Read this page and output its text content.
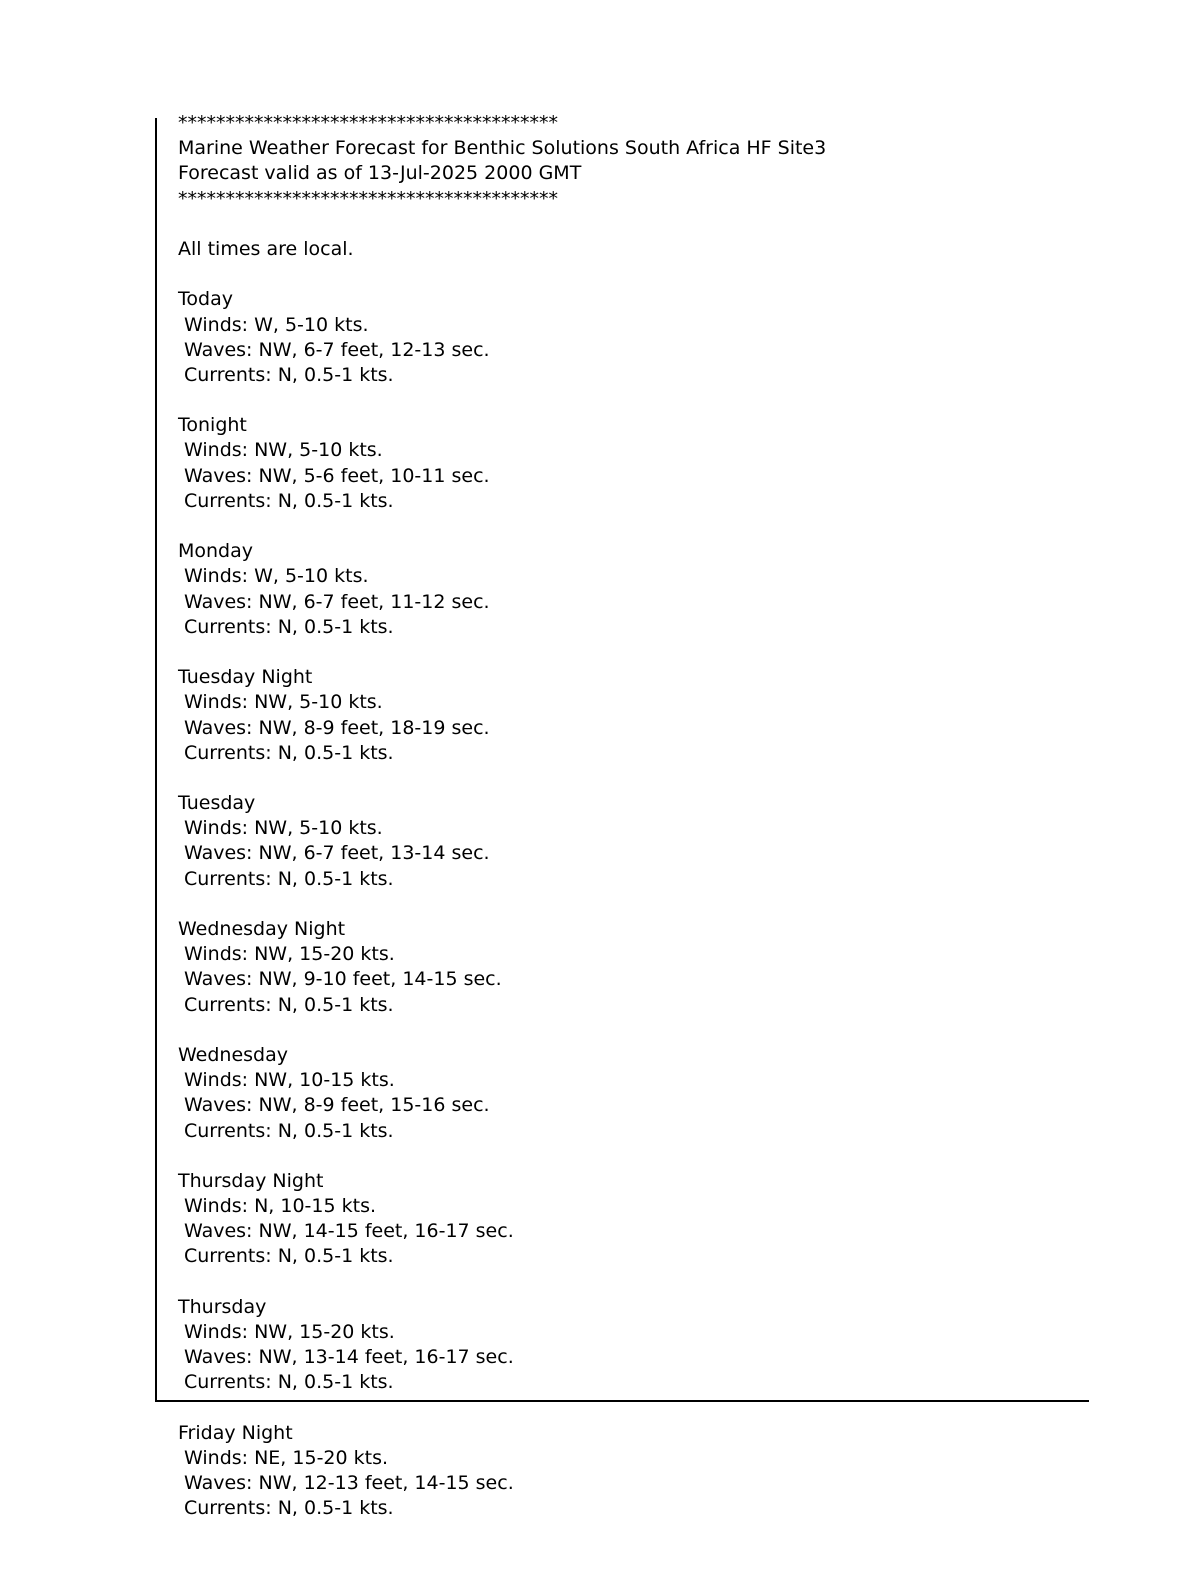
****************************************
Marine Weather Forecast for Benthic Solutions South Africa HF Site3
Forecast valid as of 13-Jul-2025 2000 GMT
****************************************
All times are local.
Today
Winds: W, 5-10 kts.
Waves: NW, 6-7 feet, 12-13 sec.
Currents: N, 0.5-1 kts.
Tonight
Winds: NW, 5-10 kts.
Waves: NW, 5-6 feet, 10-11 sec.
Currents: N, 0.5-1 kts.
Monday
Winds: W, 5-10 kts.
Waves: NW, 6-7 feet, 11-12 sec.
Currents: N, 0.5-1 kts.
Tuesday Night
Winds: NW, 5-10 kts.
Waves: NW, 8-9 feet, 18-19 sec.
Currents: N, 0.5-1 kts.
Tuesday
Winds: NW, 5-10 kts.
Waves: NW, 6-7 feet, 13-14 sec.
Currents: N, 0.5-1 kts.
Wednesday Night
Winds: NW, 15-20 kts.
Waves: NW, 9-10 feet, 14-15 sec.
Currents: N, 0.5-1 kts.
Wednesday
Winds: NW, 10-15 kts.
Waves: NW, 8-9 feet, 15-16 sec.
Currents: N, 0.5-1 kts.
Thursday Night
Winds: N, 10-15 kts.
Waves: NW, 14-15 feet, 16-17 sec.
Currents: N, 0.5-1 kts.
Thursday
Winds: NW, 15-20 kts.
Waves: NW, 13-14 feet, 16-17 sec.
Currents: N, 0.5-1 kts.
Friday Night
Winds: NE, 15-20 kts.
Waves: NW, 12-13 feet, 14-15 sec.
Currents: N, 0.5-1 kts.
